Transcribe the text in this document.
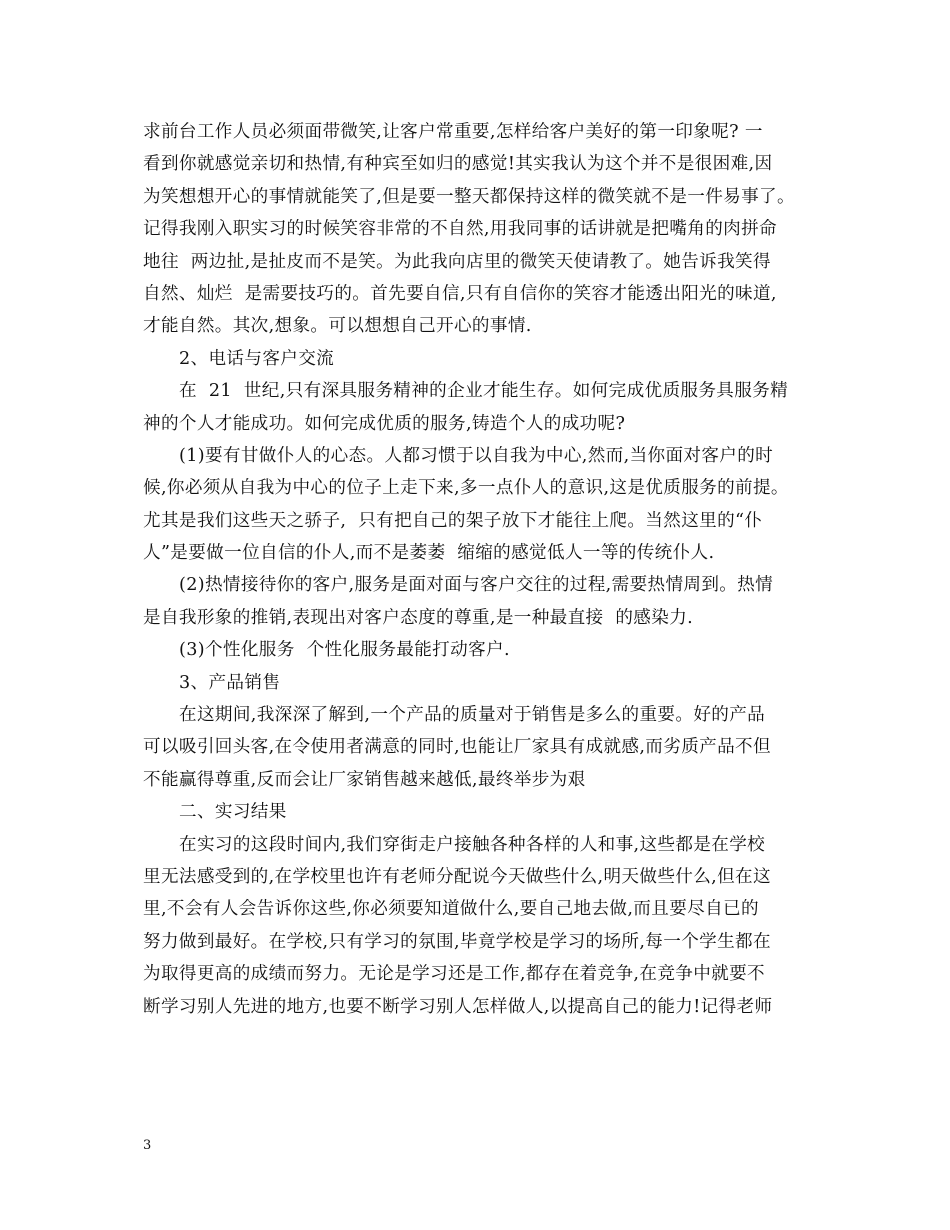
求前台工作人员必须面带微笑,让客户常重要,怎样给客户美好的第一印象呢? 一
看到你就感觉亲切和热情,有种宾至如归的感觉!其实我认为这个并不是很困难,因
为笑想想开心的事情就能笑了,但是要一整天都保持这样的微笑就不是一件易事了。
记得我刚入职实习的时候笑容非常的不自然,用我同事的话讲就是把嘴角的肉拼命
地往  两边扯,是扯皮而不是笑。为此我向店里的微笑天使请教了。她告诉我笑得
自然、灿烂  是需要技巧的。首先要自信,只有自信你的笑容才能透出阳光的味道,
才能自然。其次,想象。可以想想自己开心的事情.
2、电话与客户交流
在  21  世纪,只有深具服务精神的企业才能生存。如何完成优质服务具服务精
神的个人才能成功。如何完成优质的服务,铸造个人的成功呢?
(1)要有甘做仆人的心态。人都习惯于以自我为中心,然而,当你面对客户的时
候,你必须从自我为中心的位子上走下来,多一点仆人的意识,这是优质服务的前提。
尤其是我们这些天之骄子,  只有把自己的架子放下才能往上爬。当然这里的“仆
人”是要做一位自信的仆人,而不是萎萎  缩缩的感觉低人一等的传统仆人.
(2)热情接待你的客户,服务是面对面与客户交往的过程,需要热情周到。热情
是自我形象的推销,表现出对客户态度的尊重,是一种最直接  的感染力.
(3)个性化服务  个性化服务最能打动客户.
3、产品销售
在这期间,我深深了解到,一个产品的质量对于销售是多么的重要。好的产品
可以吸引回头客,在令使用者满意的同时,也能让厂家具有成就感,而劣质产品不但
不能赢得尊重,反而会让厂家销售越来越低,最终举步为艰
二、实习结果
在实习的这段时间内,我们穿街走户接触各种各样的人和事,这些都是在学校
里无法感受到的,在学校里也许有老师分配说今天做些什么,明天做些什么,但在这
里,不会有人会告诉你这些,你必须要知道做什么,要自己地去做,而且要尽自已的
努力做到最好。在学校,只有学习的氛围,毕竟学校是学习的场所,每一个学生都在
为取得更高的成绩而努力。无论是学习还是工作,都存在着竞争,在竞争中就要不
断学习别人先进的地方,也要不断学习别人怎样做人,以提高自己的能力!记得老师
3
